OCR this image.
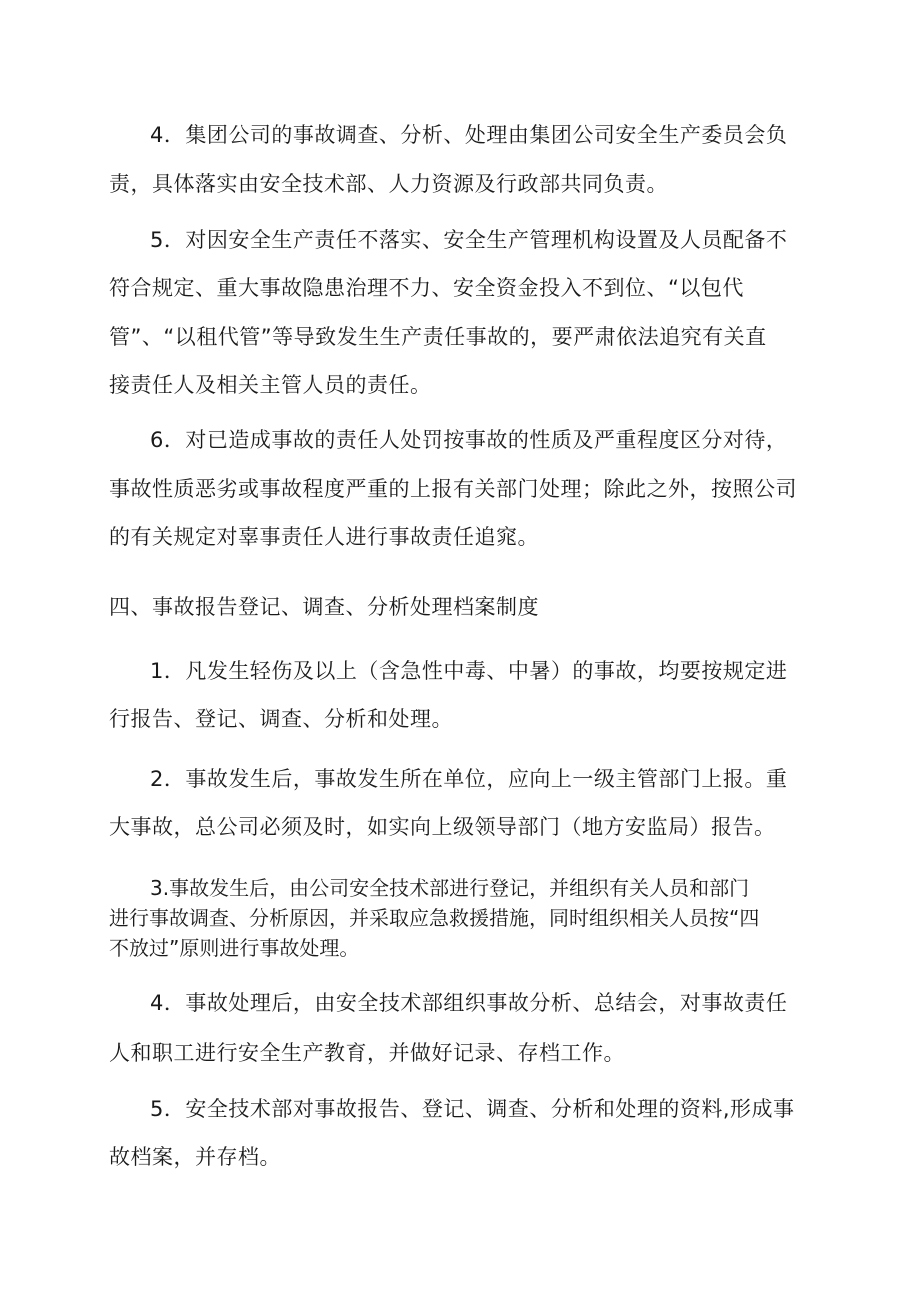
4．集团公司的事故调查、分析、处理由集团公司安全生产委员会负
责，具体落实由安全技术部、人力资源及行政部共同负责。
5．对因安全生产责任不落实、安全生产管理机构设置及人员配备不
符合规定、重大事故隐患治理不力、安全资金投入不到位、“以包代
管”、“以租代管”等导致发生生产责任事故的，要严肃依法追究有关直
接责任人及相关主管人员的责任。
6．对已造成事故的责任人处罚按事故的性质及严重程度区分对待，
事故性质恶劣或事故程度严重的上报有关部门处理；除此之外，按照公司
的有关规定对辜事责任人进行事故责任追窕。
四、事故报告登记、调查、分析处理档案制度
1．凡发生轻伤及以上（含急性中毒、中暑）的事故，均要按规定进
行报告、登记、调查、分析和处理。
2．事故发生后，事故发生所在单位，应向上一级主管部门上报。重
大事故，总公司必须及时，如实向上级领导部门（地方安监局）报告。
3.事故发生后，由公司安全技术部进行登记，并组织有关人员和部门
进行事故调查、分析原因，并采取应急救援措施，同时组织相关人员按“四
不放过”原则进行事故处理。
4．事故处理后，由安全技术部组织事故分析、总结会，对事故责任
人和职工进行安全生产教育，并做好记录、存档工作。
5．安全技术部对事故报告、登记、调查、分析和处理的资料,形成事
故档案，并存档。
